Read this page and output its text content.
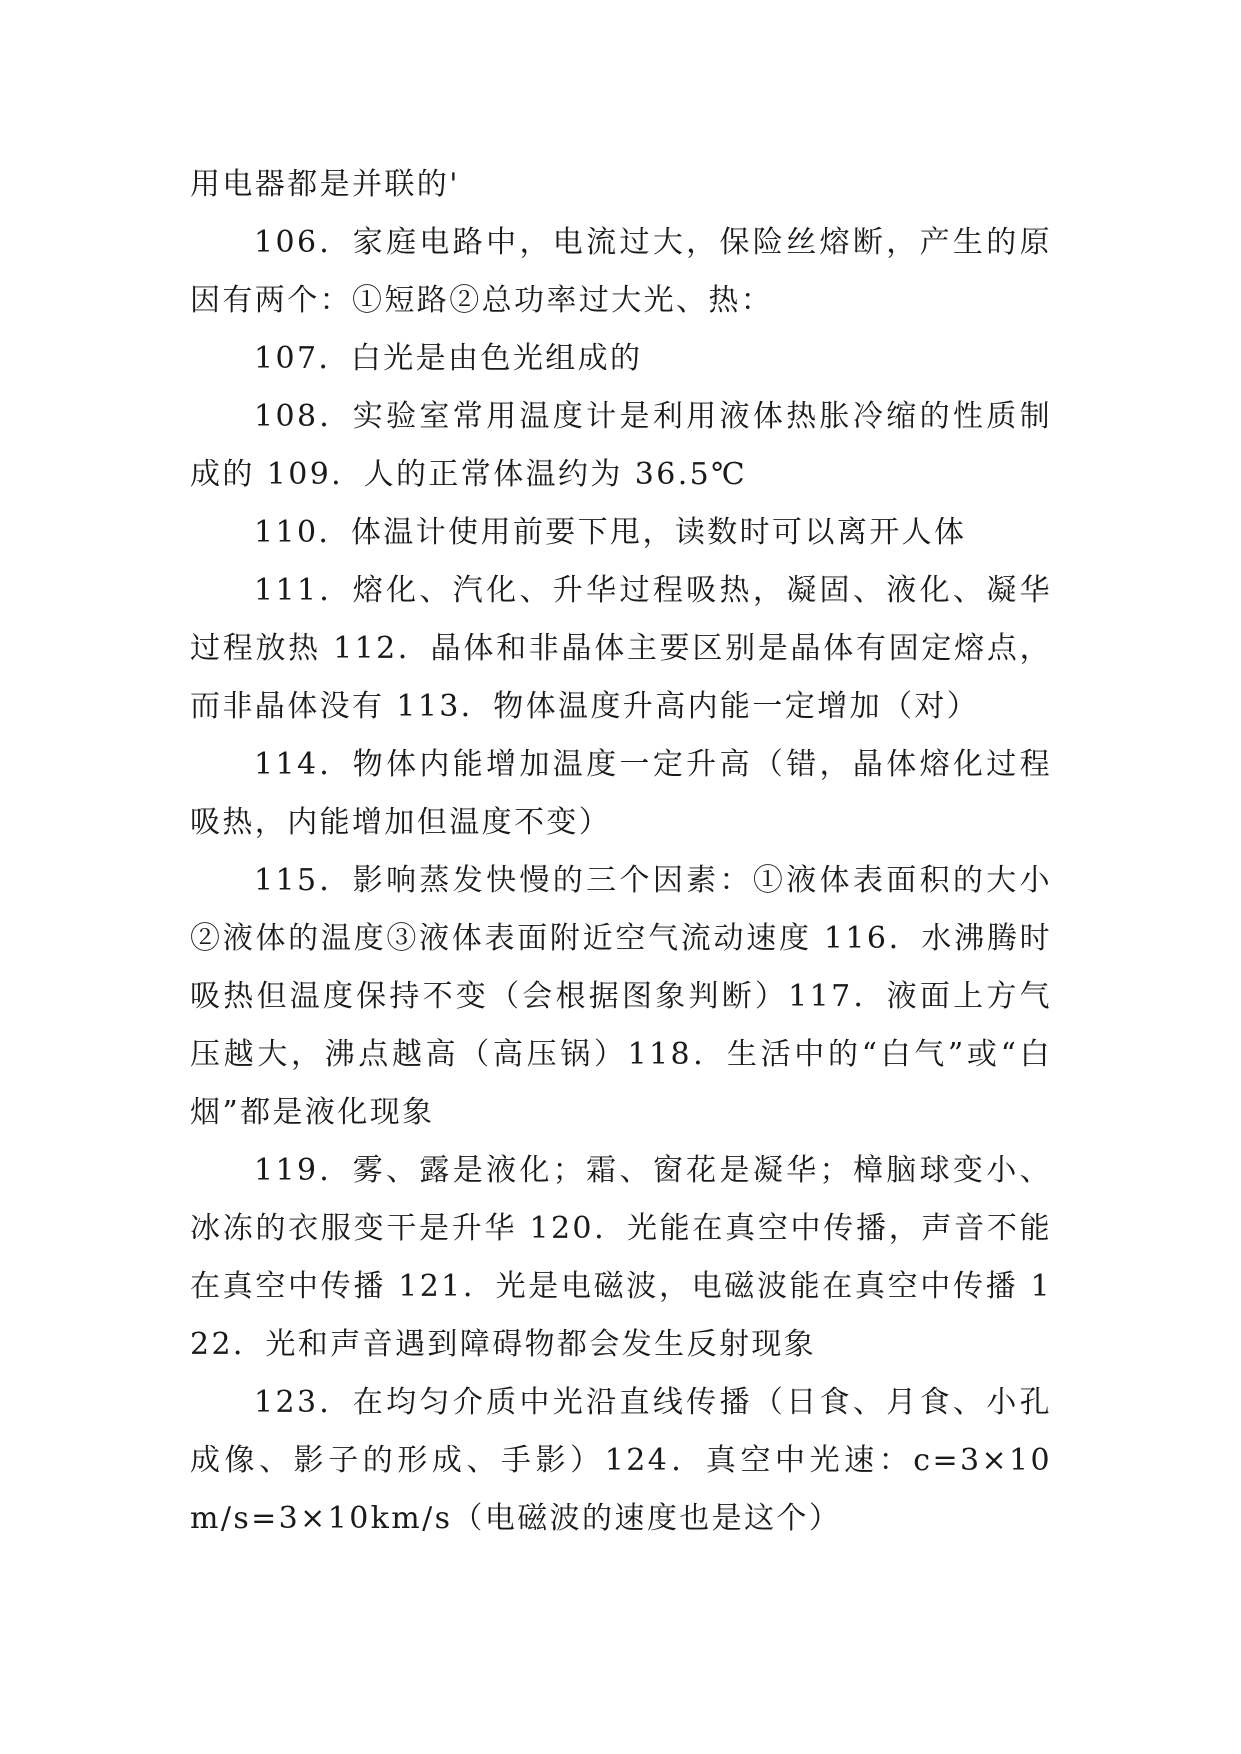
用电器都是并联的'

106．家庭电路中，电流过大，保险丝熔断，产生的原因有两个：①短路②总功率过大光、热：

107．白光是由色光组成的

108．实验室常用温度计是利用液体热胀冷缩的性质制成的 109．人的正常体温约为 36.5℃

110．体温计使用前要下甩，读数时可以离开人体

111．熔化、汽化、升华过程吸热，凝固、液化、凝华过程放热 112．晶体和非晶体主要区别是晶体有固定熔点，而非晶体没有 113．物体温度升高内能一定增加（对）

114．物体内能增加温度一定升高（错，晶体熔化过程吸热，内能增加但温度不变）

115．影响蒸发快慢的三个因素：①液体表面积的大小②液体的温度③液体表面附近空气流动速度 116．水沸腾时吸热但温度保持不变（会根据图象判断）117．液面上方气压越大，沸点越高（高压锅）118．生活中的“白气”或“白烟”都是液化现象

119．雾、露是液化；霜、窗花是凝华；樟脑球变小、冰冻的衣服变干是升华 120．光能在真空中传播，声音不能在真空中传播 121．光是电磁波，电磁波能在真空中传播 122．光和声音遇到障碍物都会发生反射现象

123．在均匀介质中光沿直线传播（日食、月食、小孔成像、影子的形成、手影）124．真空中光速：c=3×10m/s=3×10km/s（电磁波的速度也是这个）
